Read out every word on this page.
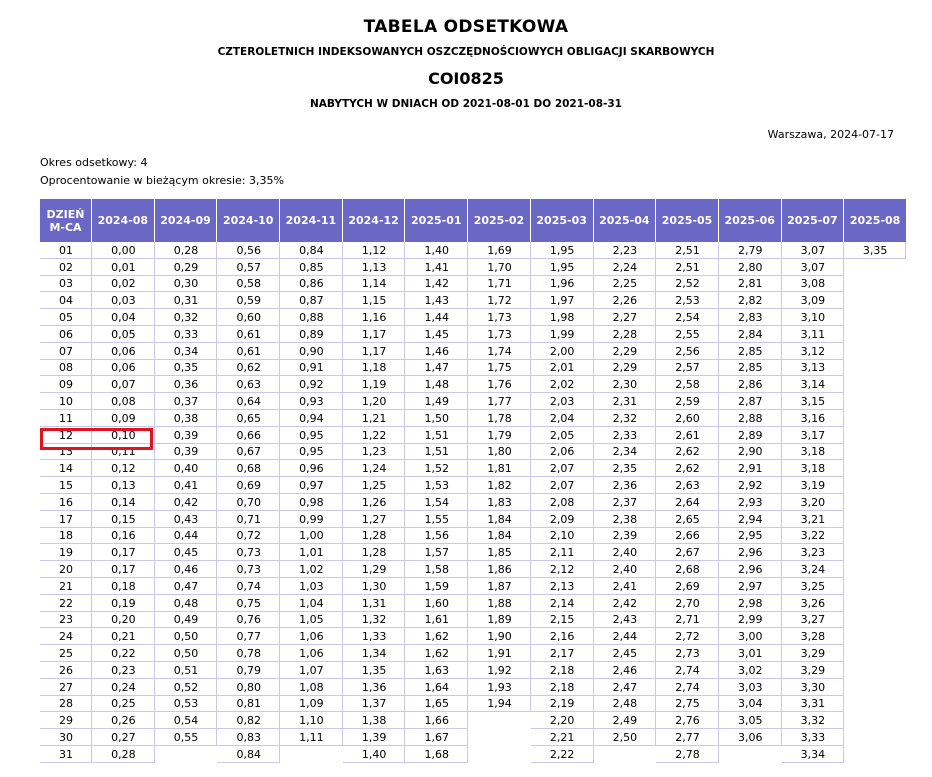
TABELA ODSETKOWA
CZTEROLETNICH INDEKSOWANYCH OSZCZĘDNOŚCIOWYCH OBLIGACJI SKARBOWYCH
COI0825
NABYTYCH W DNIACH OD 2021-08-01 DO 2021-08-31
Warszawa, 2024-07-17
Okres odsetkowy: 4
Oprocentowanie w bieżącym okresie: 3,35%
DZIEŃ
M-CA	2024-08	2024-09	2024-10	2024-11	2024-12	2025-01	2025-02	2025-03	2025-04	2025-05	2025-06	2025-07	2025-08
01	0,00	0,28	0,56	0,84	1,12	1,40	1,69	1,95	2,23	2,51	2,79	3,07	3,35
02	0,01	0,29	0,57	0,85	1,13	1,41	1,70	1,95	2,24	2,51	2,80	3,07	
03	0,02	0,30	0,58	0,86	1,14	1,42	1,71	1,96	2,25	2,52	2,81	3,08	
04	0,03	0,31	0,59	0,87	1,15	1,43	1,72	1,97	2,26	2,53	2,82	3,09	
05	0,04	0,32	0,60	0,88	1,16	1,44	1,73	1,98	2,27	2,54	2,83	3,10	
06	0,05	0,33	0,61	0,89	1,17	1,45	1,73	1,99	2,28	2,55	2,84	3,11	
07	0,06	0,34	0,61	0,90	1,17	1,46	1,74	2,00	2,29	2,56	2,85	3,12	
08	0,06	0,35	0,62	0,91	1,18	1,47	1,75	2,01	2,29	2,57	2,85	3,13	
09	0,07	0,36	0,63	0,92	1,19	1,48	1,76	2,02	2,30	2,58	2,86	3,14	
10	0,08	0,37	0,64	0,93	1,20	1,49	1,77	2,03	2,31	2,59	2,87	3,15	
11	0,09	0,38	0,65	0,94	1,21	1,50	1,78	2,04	2,32	2,60	2,88	3,16	
12	0,10	0,39	0,66	0,95	1,22	1,51	1,79	2,05	2,33	2,61	2,89	3,17	
13	0,11	0,39	0,67	0,95	1,23	1,51	1,80	2,06	2,34	2,62	2,90	3,18	
14	0,12	0,40	0,68	0,96	1,24	1,52	1,81	2,07	2,35	2,62	2,91	3,18	
15	0,13	0,41	0,69	0,97	1,25	1,53	1,82	2,07	2,36	2,63	2,92	3,19	
16	0,14	0,42	0,70	0,98	1,26	1,54	1,83	2,08	2,37	2,64	2,93	3,20	
17	0,15	0,43	0,71	0,99	1,27	1,55	1,84	2,09	2,38	2,65	2,94	3,21	
18	0,16	0,44	0,72	1,00	1,28	1,56	1,84	2,10	2,39	2,66	2,95	3,22	
19	0,17	0,45	0,73	1,01	1,28	1,57	1,85	2,11	2,40	2,67	2,96	3,23	
20	0,17	0,46	0,73	1,02	1,29	1,58	1,86	2,12	2,40	2,68	2,96	3,24	
21	0,18	0,47	0,74	1,03	1,30	1,59	1,87	2,13	2,41	2,69	2,97	3,25	
22	0,19	0,48	0,75	1,04	1,31	1,60	1,88	2,14	2,42	2,70	2,98	3,26	
23	0,20	0,49	0,76	1,05	1,32	1,61	1,89	2,15	2,43	2,71	2,99	3,27	
24	0,21	0,50	0,77	1,06	1,33	1,62	1,90	2,16	2,44	2,72	3,00	3,28	
25	0,22	0,50	0,78	1,06	1,34	1,62	1,91	2,17	2,45	2,73	3,01	3,29	
26	0,23	0,51	0,79	1,07	1,35	1,63	1,92	2,18	2,46	2,74	3,02	3,29	
27	0,24	0,52	0,80	1,08	1,36	1,64	1,93	2,18	2,47	2,74	3,03	3,30	
28	0,25	0,53	0,81	1,09	1,37	1,65	1,94	2,19	2,48	2,75	3,04	3,31	
29	0,26	0,54	0,82	1,10	1,38	1,66		2,20	2,49	2,76	3,05	3,32	
30	0,27	0,55	0,83	1,11	1,39	1,67		2,21	2,50	2,77	3,06	3,33	
31	0,28		0,84		1,40	1,68		2,22		2,78		3,34	
